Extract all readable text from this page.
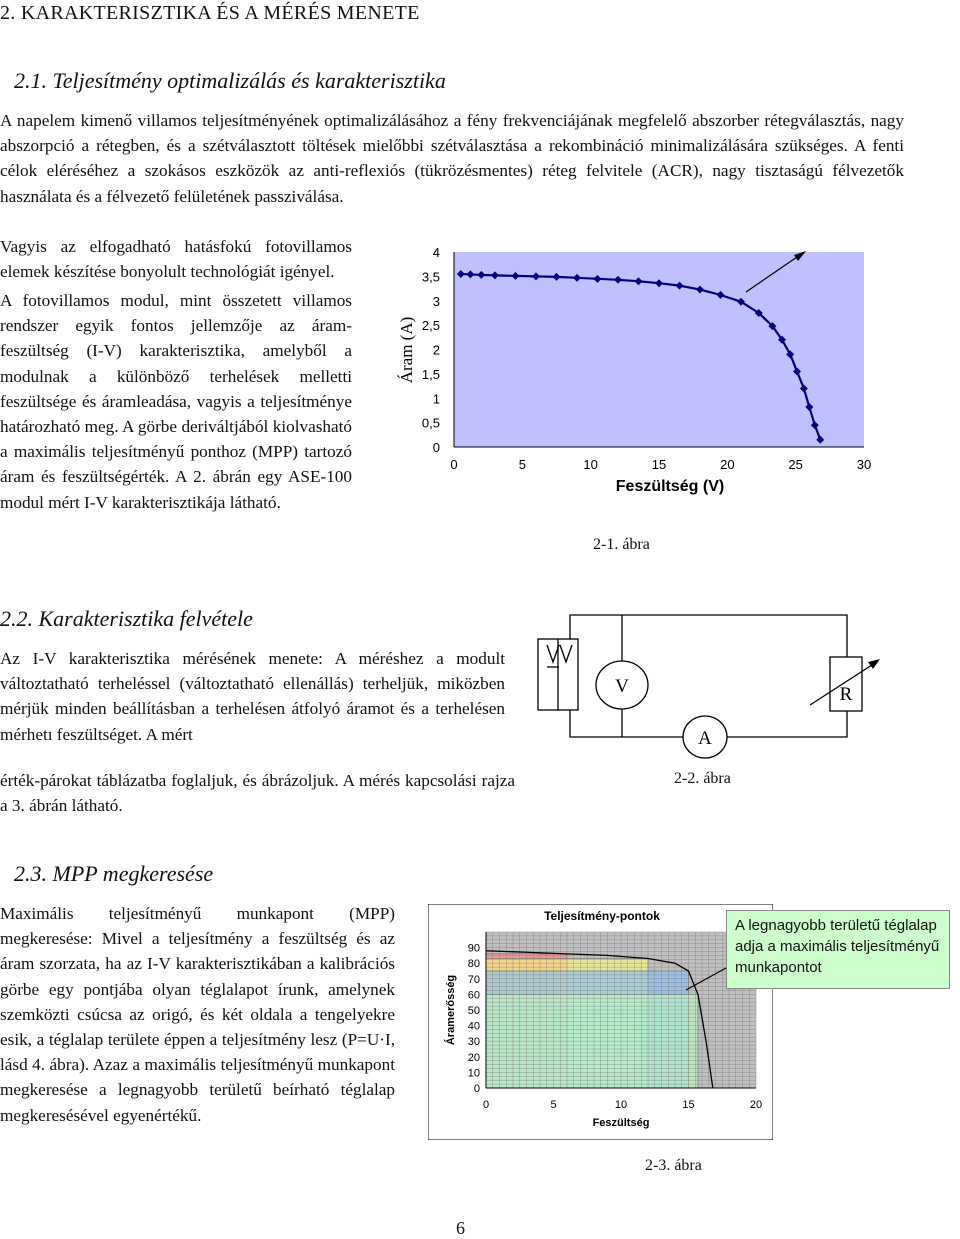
2. KARAKTERISZTIKA ÉS A MÉRÉS MENETE
2.1. Teljesítmény optimalizálás és karakterisztika
A napelem kimenő villamos teljesítményének optimalizálásához a fény frekvenciájának megfelelő abszorber rétegválasztás, nagy abszorpció a rétegben, és a szétválasztott töltések mielőbbi szétválasztása a rekombináció minimalizálására szükséges. A fenti célok eléréséhez a szokásos eszközök az anti-reflexiós (tükrözésmentes) réteg felvitele (ACR), nagy tisztaságú félvezetők használata és a félvezető felületének passziválása.
Vagyis az elfogadható hatásfokú fotovillamos elemek készítése bonyolult technológiát igényel.
A fotovillamos modul, mint összetett villamos rendszer egyik fontos jellemzője az áram-feszültség (I-V) karakterisztika, amelyből a modulnak a különböző terhelések melletti feszültsége és áramleadása, vagyis a teljesítménye határozható meg. A görbe deriváltjából kiolvasható a maximális teljesítményű ponthoz (MPP) tartozó áram és feszültségérték. A 2. ábrán egy ASE-100 modul mért I-V karakterisztikája látható.
0
0,5
1
1,5
2
2,5
3
3,5
4
0	5	10	15	20	25	30
Áram (A)
Feszültség (V)
2-1. ábra
2.2. Karakterisztika felvétele
Az I-V karakterisztika mérésének menete: A méréshez a modult változtatható terheléssel (változtatható ellenállás) terheljük, miközben mérjük minden beállításban a terhelésen átfolyó áramot és a terhelésen mérhetı feszültséget. A mért
érték-párokat táblázatba foglaljuk, és ábrázoljuk. A mérés kapcsolási rajza a 3. ábrán látható.
V
A
R
2-2. ábra
2.3. MPP megkeresése
Maximális teljesítményű munkapont (MPP) megkeresése: Mivel a teljesítmény a feszültség és az áram szorzata, ha az I-V karakterisztikában a kalibrációs görbe egy pontjába olyan téglalapot írunk, amelynek szemközti csúcsa az origó, és két oldala a tengelyekre esik, a téglalap területe éppen a teljesítmény lesz (P=U·I, lásd 4. ábra). Azaz a maximális teljesítményű munkapont megkeresése a legnagyobb területű beírható téglalap megkeresésével egyenértékű.
Teljesítmény-pontok
0
10
20
30
40
50
60
70
80
90
0	5	10	15	20
Áramerősség
Feszültség
A legnagyobb területű téglalap adja a maximális teljesítményű munkapontot
2-3. ábra
6
